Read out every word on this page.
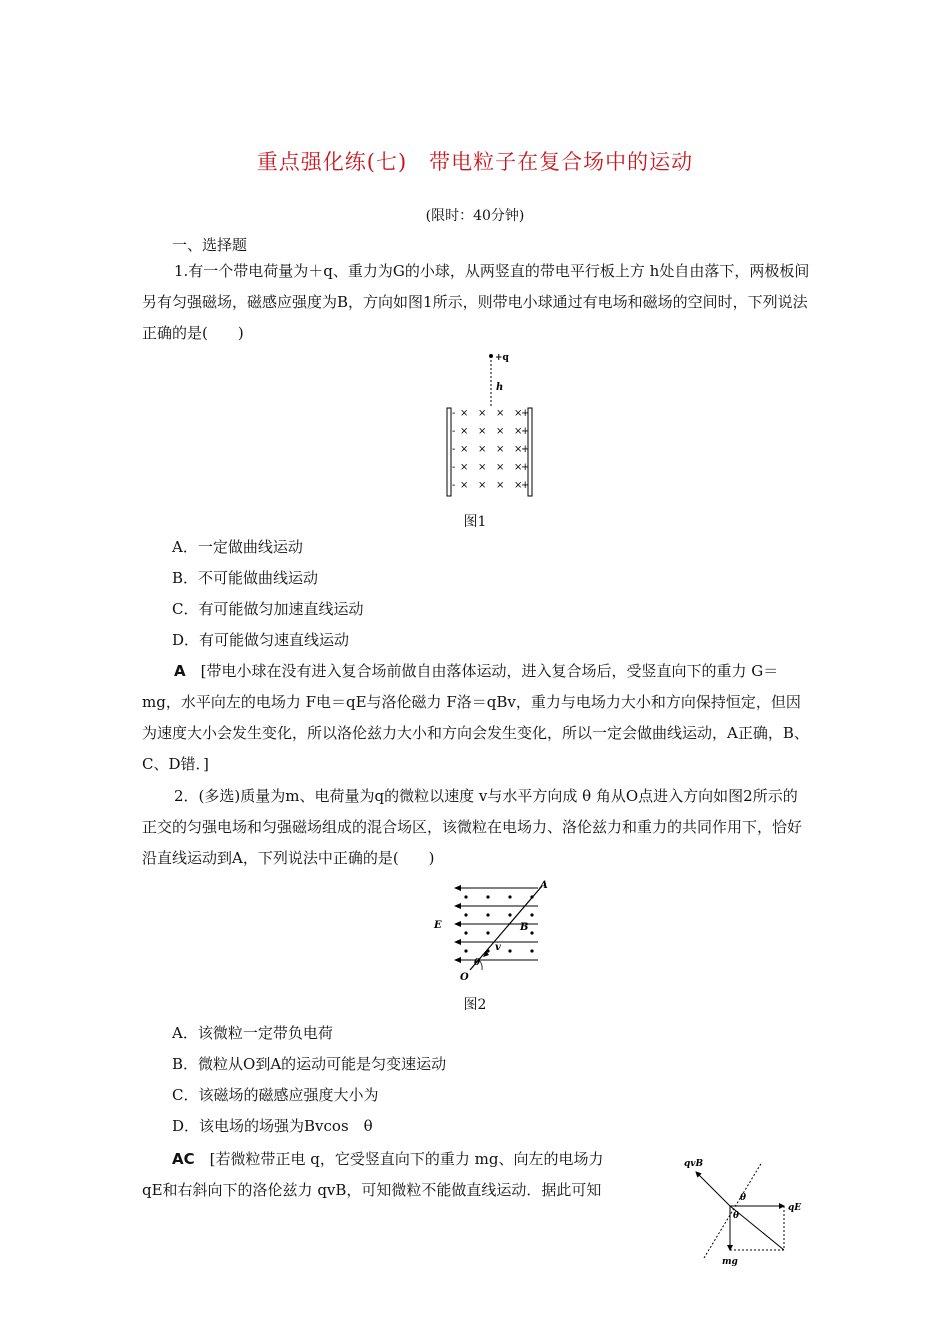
重点强化练(七)　带电粒子在复合场中的运动
(限时：40分钟)
一、选择题

1.有一个带电荷量为＋q、重力为G的小球，从两竖直的带电平行板上方 h处自由落下，两极板间另有匀强磁场，磁感应强度为B，方向如图1所示，则带电小球通过有电场和磁场的空间时，下列说法正确的是(　　)

+q
h
- × × × ×
+
- × × × ×
+
- × × × ×
+
- × × × ×
+
- × × × ×
+
图1
A．一定做曲线运动
B．不可能做曲线运动
C．有可能做匀加速直线运动
D．有可能做匀速直线运动

A　 [带电小球在没有进入复合场前做自由落体运动，进入复合场后，受竖直向下的重力 G＝mg，水平向左的电场力 F电＝qE与洛伦磁力 F洛＝qBv，重力与电场力大小和方向保持恒定，但因为速度大小会发生变化，所以洛伦兹力大小和方向会发生变化，所以一定会做曲线运动，A正确，B、C、D错．]

2．(多选)质量为m、电荷量为q的微粒以速度 v与水平方向成 θ 角从O点进入方向如图2所示的正交的匀强电场和匀强磁场组成的混合场区，该微粒在电场力、洛伦兹力和重力的共同作用下，恰好沿直线运动到A，下列说法中正确的是(　　)

A
E	B
v
θ
O
图2
A．该微粒一定带负电荷
B．微粒从O到A的运动可能是匀变速运动
C．该磁场的磁感应强度大小为
D．该电场的场强为Bvcos　θ
AC　 [若微粒带正电 q，它受竖直向下的重力 mg、向左的电场力
qE和右斜向下的洛伦兹力 qvB，可知微粒不能做直线运动．据此可知
qvB
qE
mg
θ
θ
